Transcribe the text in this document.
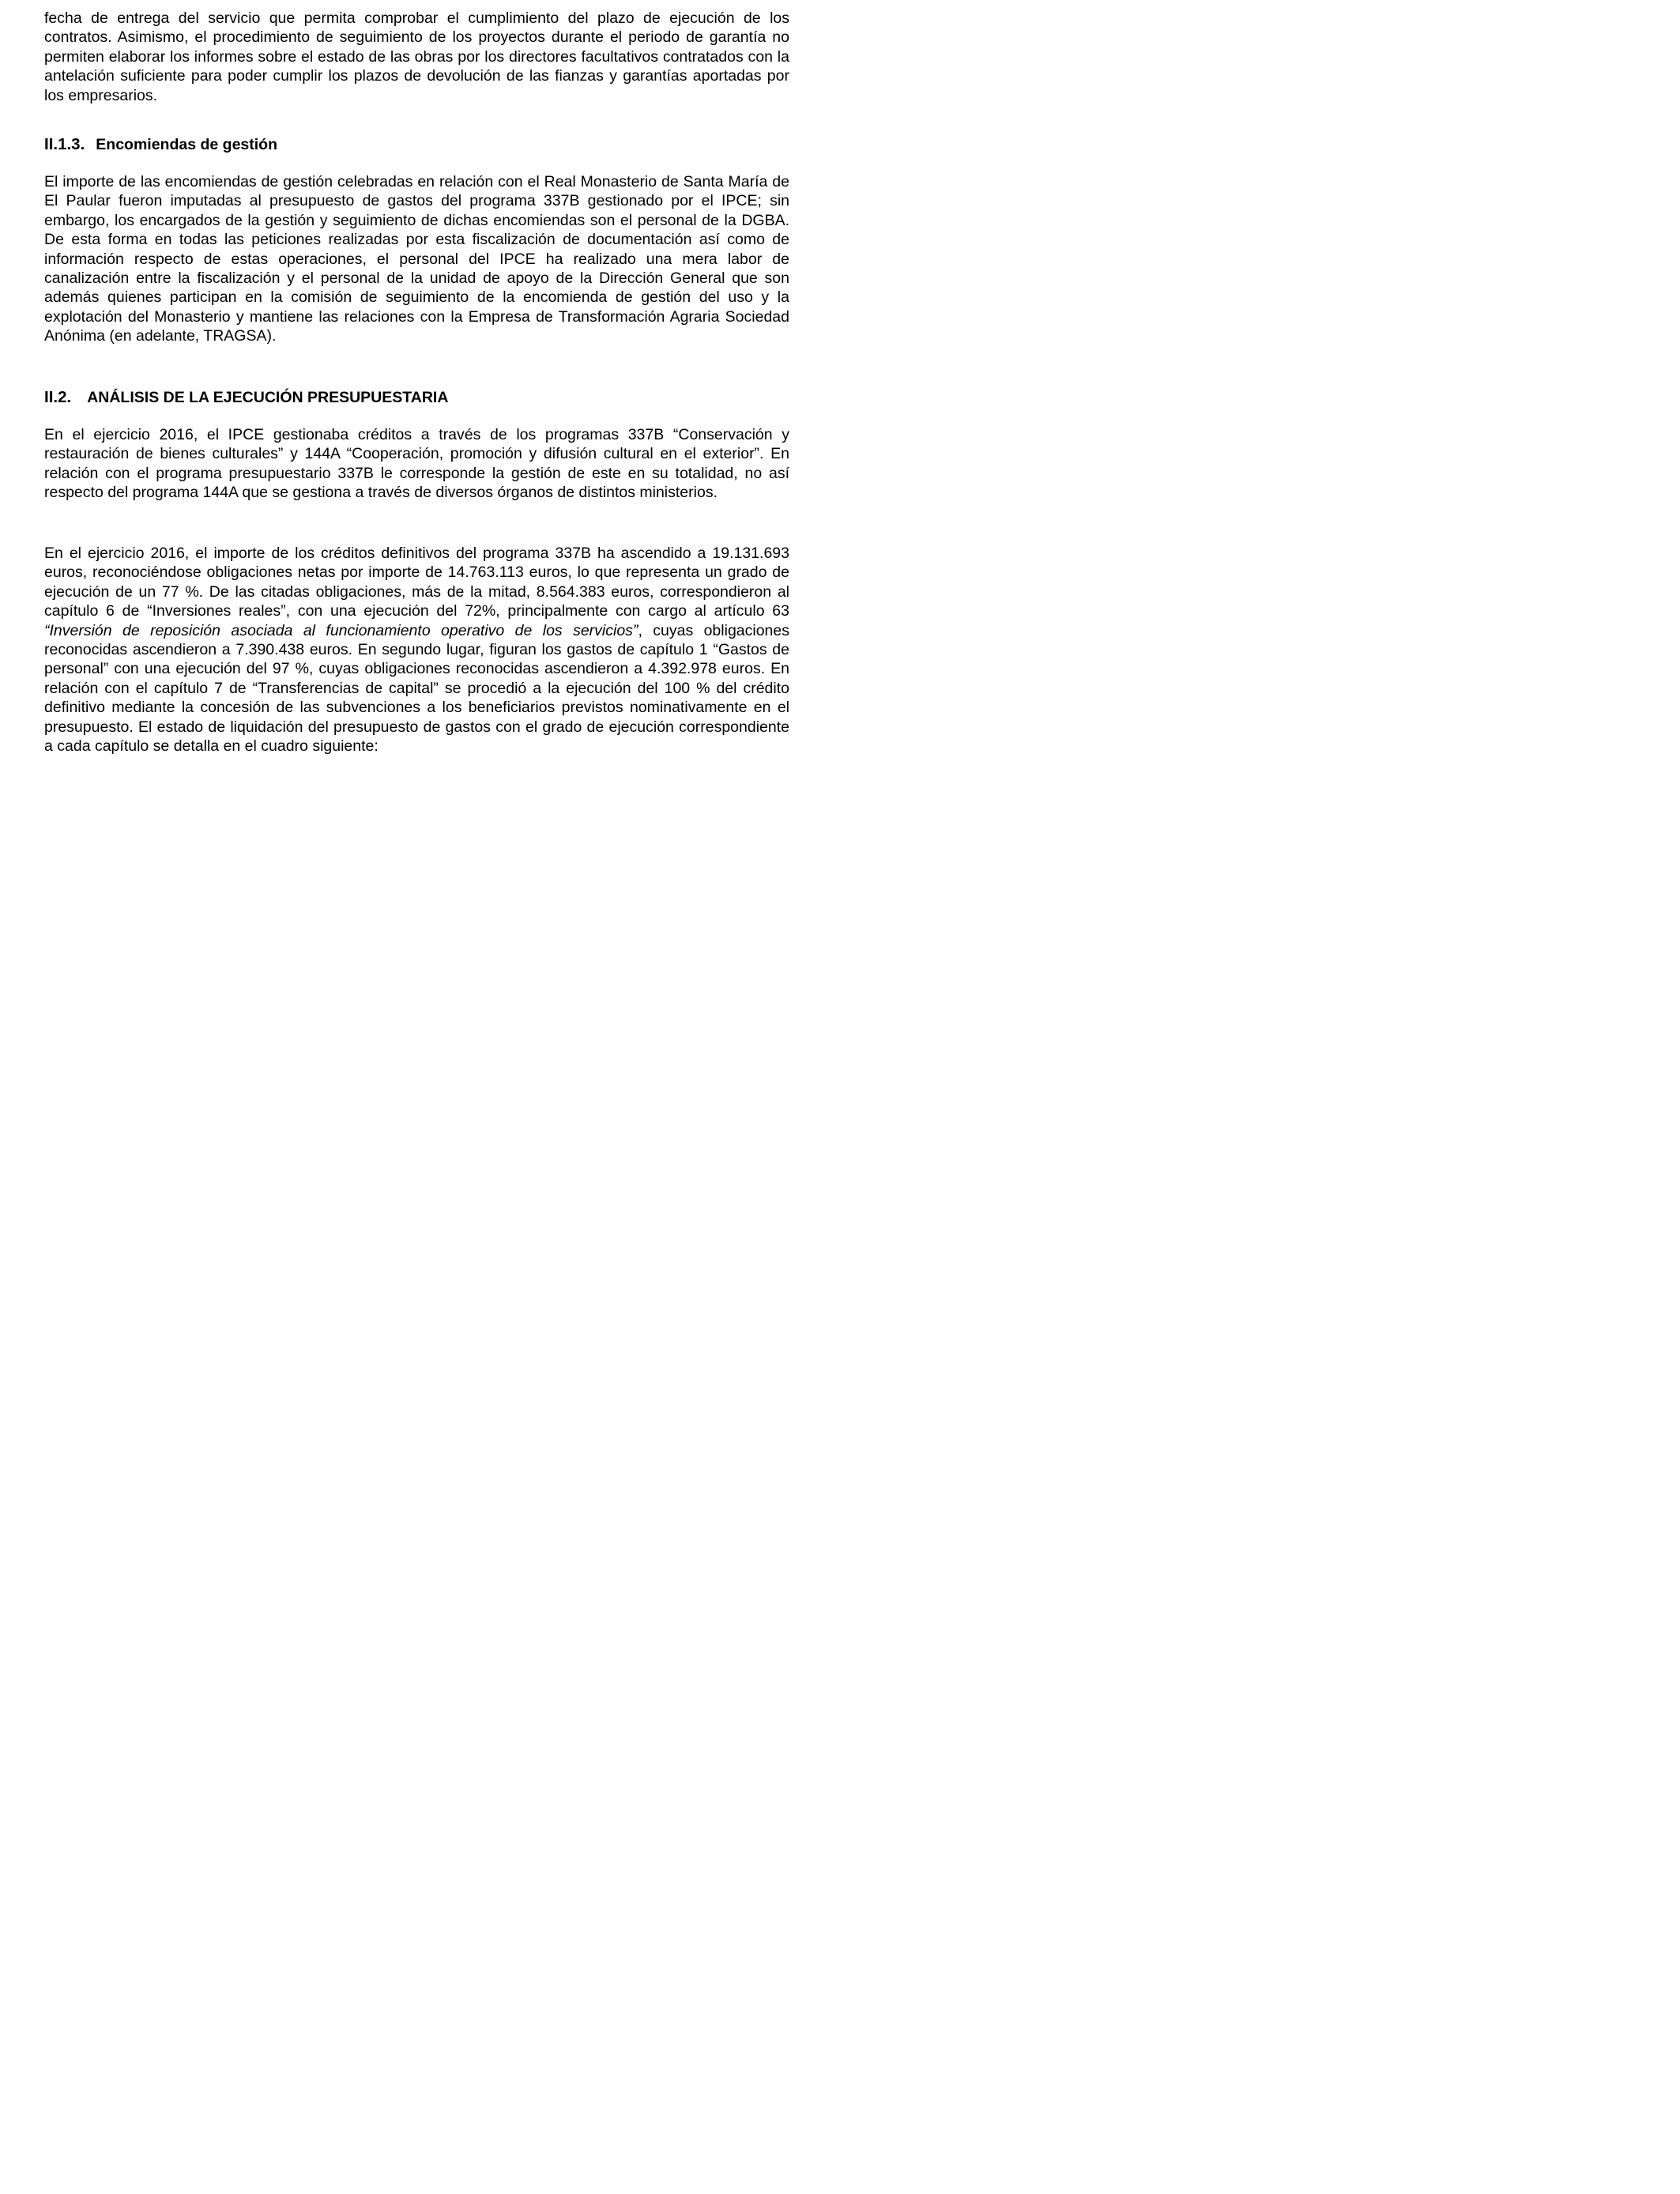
fecha de entrega del servicio que permita comprobar el cumplimiento del plazo de ejecución de los contratos. Asimismo, el procedimiento de seguimiento de los proyectos durante el periodo de garantía no permiten elaborar los informes sobre el estado de las obras por los directores facultativos contratados con la antelación suficiente para poder cumplir los plazos de devolución de las fianzas y garantías aportadas por los empresarios.

II.1.3. Encomiendas de gestión

El importe de las encomiendas de gestión celebradas en relación con el Real Monasterio de Santa María de El Paular fueron imputadas al presupuesto de gastos del programa 337B gestionado por el IPCE; sin embargo, los encargados de la gestión y seguimiento de dichas encomiendas son el personal de la DGBA. De esta forma en todas las peticiones realizadas por esta fiscalización de documentación así como de información respecto de estas operaciones, el personal del IPCE ha realizado una mera labor de canalización entre la fiscalización y el personal de la unidad de apoyo de la Dirección General que son además quienes participan en la comisión de seguimiento de la encomienda de gestión del uso y la explotación del Monasterio y mantiene las relaciones con la Empresa de Transformación Agraria Sociedad Anónima (en adelante, TRAGSA).

II.2. ANÁLISIS DE LA EJECUCIÓN PRESUPUESTARIA

En el ejercicio 2016, el IPCE gestionaba créditos a través de los programas 337B “Conservación y restauración de bienes culturales” y 144A “Cooperación, promoción y difusión cultural en el exterior”. En relación con el programa presupuestario 337B le corresponde la gestión de este en su totalidad, no así respecto del programa 144A que se gestiona a través de diversos órganos de distintos ministerios.

En el ejercicio 2016, el importe de los créditos definitivos del programa 337B ha ascendido a 19.131.693 euros, reconociéndose obligaciones netas por importe de 14.763.113 euros, lo que representa un grado de ejecución de un 77 %. De las citadas obligaciones, más de la mitad, 8.564.383 euros, correspondieron al capítulo 6 de “Inversiones reales”, con una ejecución del 72%, principalmente con cargo al artículo 63 “Inversión de reposición asociada al funcionamiento operativo de los servicios”, cuyas obligaciones reconocidas ascendieron a 7.390.438 euros. En segundo lugar, figuran los gastos de capítulo 1 “Gastos de personal” con una ejecución del 97 %, cuyas obligaciones reconocidas ascendieron a 4.392.978 euros. En relación con el capítulo 7 de “Transferencias de capital” se procedió a la ejecución del 100 % del crédito definitivo mediante la concesión de las subvenciones a los beneficiarios previstos nominativamente en el presupuesto. El estado de liquidación del presupuesto de gastos con el grado de ejecución correspondiente a cada capítulo se detalla en el cuadro siguiente:
